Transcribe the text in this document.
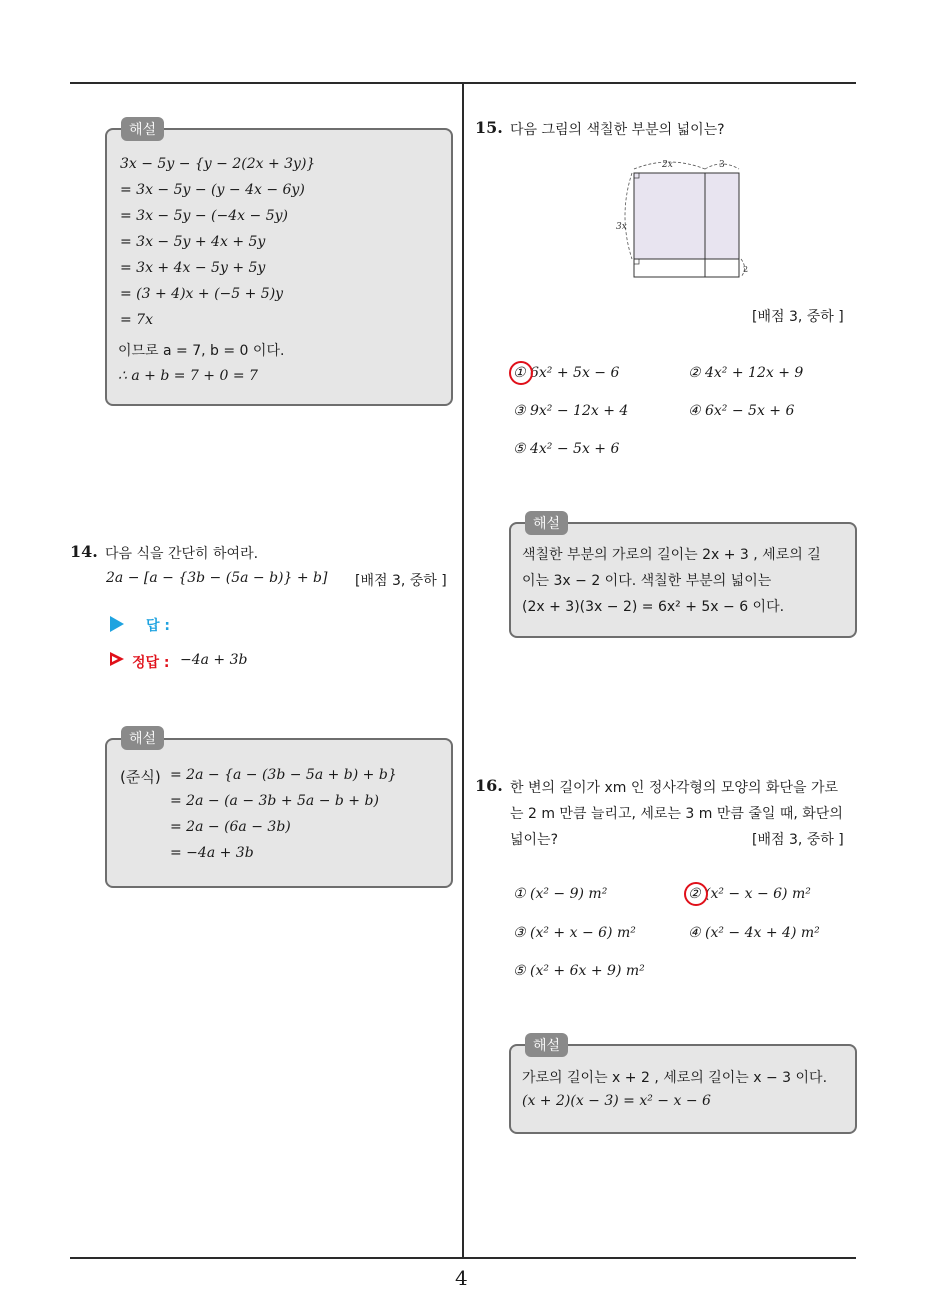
4
해설
3x − 5y − {y − 2(2x + 3y)}
= 3x − 5y − (y − 4x − 6y)
= 3x − 5y − (−4x − 5y)
= 3x − 5y + 4x + 5y
= 3x + 4x − 5y + 5y
= (3 + 4)x + (−5 + 5)y
= 7x
이므로 a = 7, b = 0 이다.
∴ a + b = 7 + 0 = 7
14. 다음 식을 간단히 하여라.
2a − [a − {3b − (5a − b)} + b] [배점 3, 중하 ]
답 :
정답 : −4a + 3b
해설
(준식) = 2a − {a − (3b − 5a + b) + b}
= 2a − (a − 3b + 5a − b + b)
= 2a − (6a − 3b)
= −4a + 3b
15. 다음 그림의 색칠한 부분의 넓이는?
2x	3
3x
2
[배점 3, 중하 ]
① 6x² + 5x − 6	② 4x² + 12x + 9
③ 9x² − 12x + 4	④ 6x² − 5x + 6
⑤ 4x² − 5x + 6
해설
색칠한 부분의 가로의 길이는 2x + 3 , 세로의 길
이는 3x − 2 이다. 색칠한 부분의 넓이는
(2x + 3)(3x − 2) = 6x² + 5x − 6 이다.
16. 한 변의 길이가 xm 인 정사각형의 모양의 화단을 가로
는 2 m 만큼 늘리고, 세로는 3 m 만큼 줄일 때, 화단의
넓이는?	[배점 3, 중하 ]
① (x² − 9) m²	② (x² − x − 6) m²
③ (x² + x − 6) m²	④ (x² − 4x + 4) m²
⑤ (x² + 6x + 9) m²
해설
가로의 길이는 x + 2 , 세로의 길이는 x − 3 이다.
(x + 2)(x − 3) = x² − x − 6
